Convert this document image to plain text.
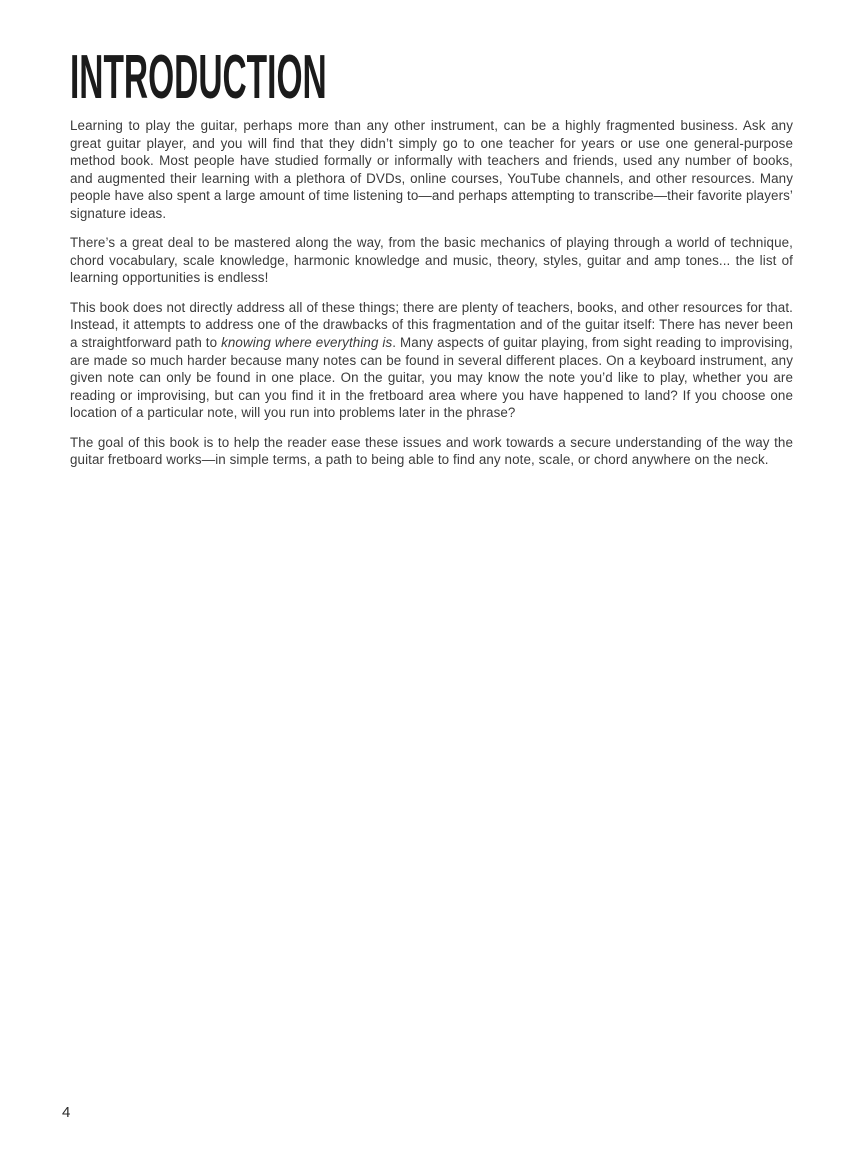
INTRODUCTION

Learning to play the guitar, perhaps more than any other instrument, can be a highly fragmented business. Ask any great guitar player, and you will find that they didn’t simply go to one teacher for years or use one general-purpose method book. Most people have studied formally or informally with teachers and friends, used any number of books, and augmented their learning with a plethora of DVDs, online courses, YouTube channels, and other resources. Many people have also spent a large amount of time listening to—and perhaps attempting to transcribe—their favorite players’ signature ideas.

There’s a great deal to be mastered along the way, from the basic mechanics of playing through a world of technique, chord vocabulary, scale knowledge, harmonic knowledge and music, theory, styles, guitar and amp tones... the list of learning opportunities is endless!

This book does not directly address all of these things; there are plenty of teachers, books, and other resources for that. Instead, it attempts to address one of the drawbacks of this fragmentation and of the guitar itself: There has never been a straightforward path to knowing where everything is. Many aspects of guitar playing, from sight reading to improvising, are made so much harder because many notes can be found in several different places. On a keyboard instrument, any given note can only be found in one place. On the guitar, you may know the note you’d like to play, whether you are reading or improvising, but can you find it in the fretboard area where you have happened to land? If you choose one location of a particular note, will you run into problems later in the phrase?

The goal of this book is to help the reader ease these issues and work towards a secure understanding of the way the guitar fretboard works—in simple terms, a path to being able to find any note, scale, or chord anywhere on the neck.

4
